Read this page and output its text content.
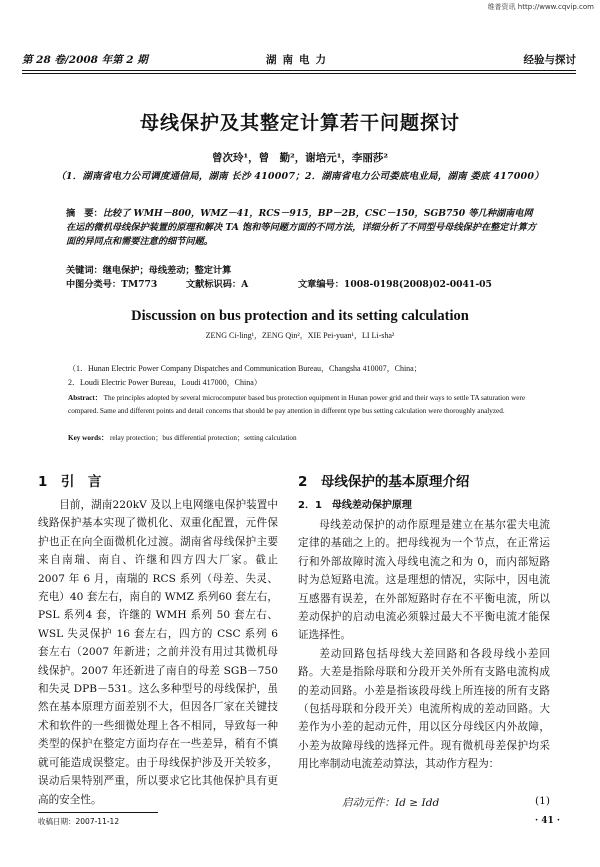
维普资讯 http://www.cqvip.com
第 28 卷/2008 年第 2 期	湖南电力	经验与探讨
母线保护及其整定计算若干问题探讨
曾次玲¹，曾　勤²，谢培元¹，李丽莎²
（1．湖南省电力公司调度通信局，湖南 长沙 410007；2．湖南省电力公司娄底电业局，湖南 娄底 417000）

摘　要：比较了 WMH－800，WMZ－41，RCS－915，BP－2B，CSC－150，SGB750 等几种湖南电网在运的微机母线保护装置的原理和解决 TA 饱和等问题方面的不同方法，详细分析了不同型号母线保护在整定计算方面的异同点和需要注意的细节问题。

关键词：继电保护；母线差动；整定计算
中图分类号：TM773	文献标识码：A	文章编号：1008-0198(2008)02-0041-05
Discussion on bus protection and its setting calculation
ZENG Ci-ling¹，ZENG Qin²，XIE Pei-yuan¹，LI Li-sha²
（1．Hunan Electric Power Company Dispatches and Communication Bureau，Changsha 410007，China；
2．Loudi Electric Power Bureau，Loudi 417000，China）
Abstract： The principles adopted by several microcomputer based bus protection equipment in Hunan power grid and their ways to settle TA saturation were compared. Same and different points and detail concerns that should be pay attention in different type bus setting calculation were thoroughly analyzed.
Key words： relay protection；bus differential protection；setting calculation
1　引　言

目前，湖南220kV 及以上电网继电保护装置中线路保护基本实现了微机化、双重化配置，元件保护也正在向全面微机化过渡。湖南省母线保护主要来自南瑞、南自、许继和四方四大厂家。截止 2007 年 6 月，南瑞的 RCS 系列（母差、失灵、充电）40 套左右，南自的 WMZ 系列60 套左右，PSL 系列4 套，许继的 WMH 系列 50 套左右、WSL 失灵保护 16 套左右，四方的 CSC 系列 6 套左右（2007 年新进；之前并没有用过其微机母线保护。2007 年还新进了南自的母差 SGB－750 和失灵 DPB－531。这么多种型号的母线保护，虽然在基本原理方面差别不大，但因各厂家在关键技术和软件的一些细微处理上各不相同，导致每一种类型的保护在整定方面均存在一些差异，稍有不慎就可能造成误整定。由于母线保护涉及开关较多，误动后果特别严重，所以要求它比其他保护具有更高的安全性。

2　母线保护的基本原理介绍
2．1　母线差动保护原理

母线差动保护的动作原理是建立在基尔霍夫电流定律的基础之上的。把母线视为一个节点，在正常运行和外部故障时流入母线电流之和为 0，而内部短路时为总短路电流。这是理想的情况，实际中，因电流互感器有误差，在外部短路时存在不平衡电流，所以差动保护的启动电流必须躲过最大不平衡电流才能保证选择性。

差动回路包括母线大差回路和各段母线小差回路。大差是指除母联和分段开关外所有支路电流构成的差动回路。小差是指该段母线上所连接的所有支路（包括母联和分段开关）电流所构成的差动回路。大差作为小差的起动元件，用以区分母线区内外故障，小差为故障母线的选择元件。现有微机母差保护均采用比率制动电流差动算法，其动作方程为：

启动元件：Id ≥ Idd	(1)
收稿日期：2007-11-12	· 41 ·
